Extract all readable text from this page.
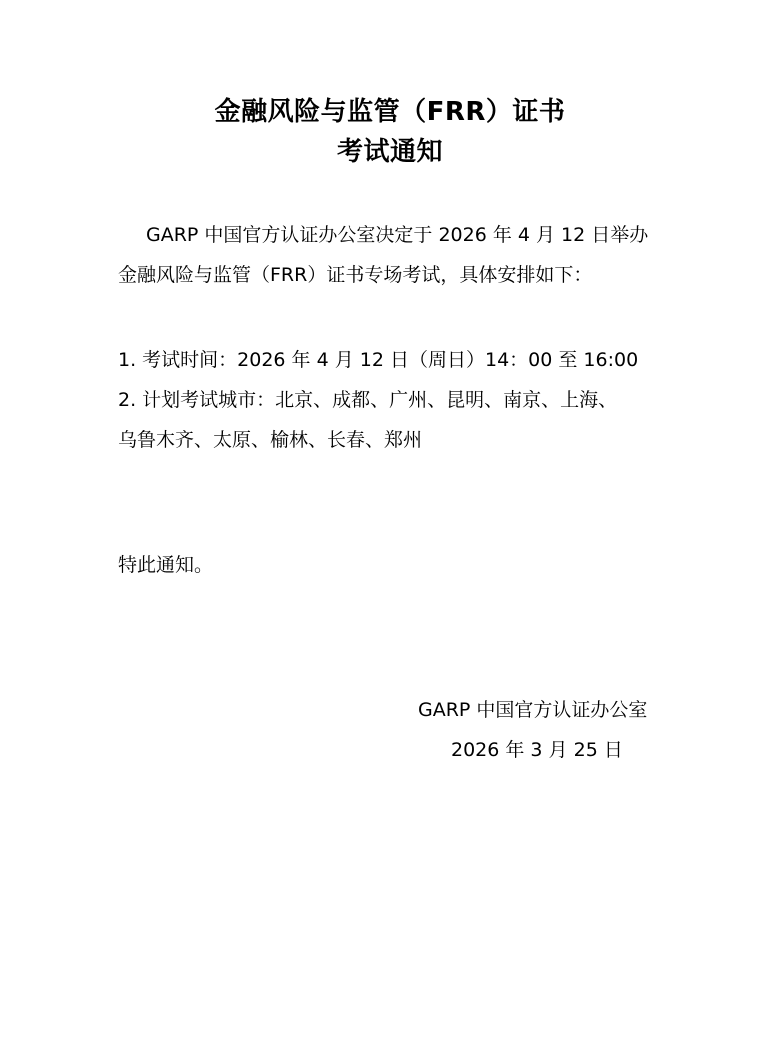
金融风险与监管（FRR）证书
考试通知
GARP 中国官方认证办公室决定于 2026 年 4 月 12 日举办
金融风险与监管（FRR）证书专场考试，具体安排如下：
1. 考试时间：2026 年 4 月 12 日（周日）14：00 至 16:00
2. 计划考试城市：北京、成都、广州、昆明、南京、上海、
乌鲁木齐、太原、榆林、长春、郑州
特此通知。
GARP 中国官方认证办公室
2026 年 3 月 25 日
